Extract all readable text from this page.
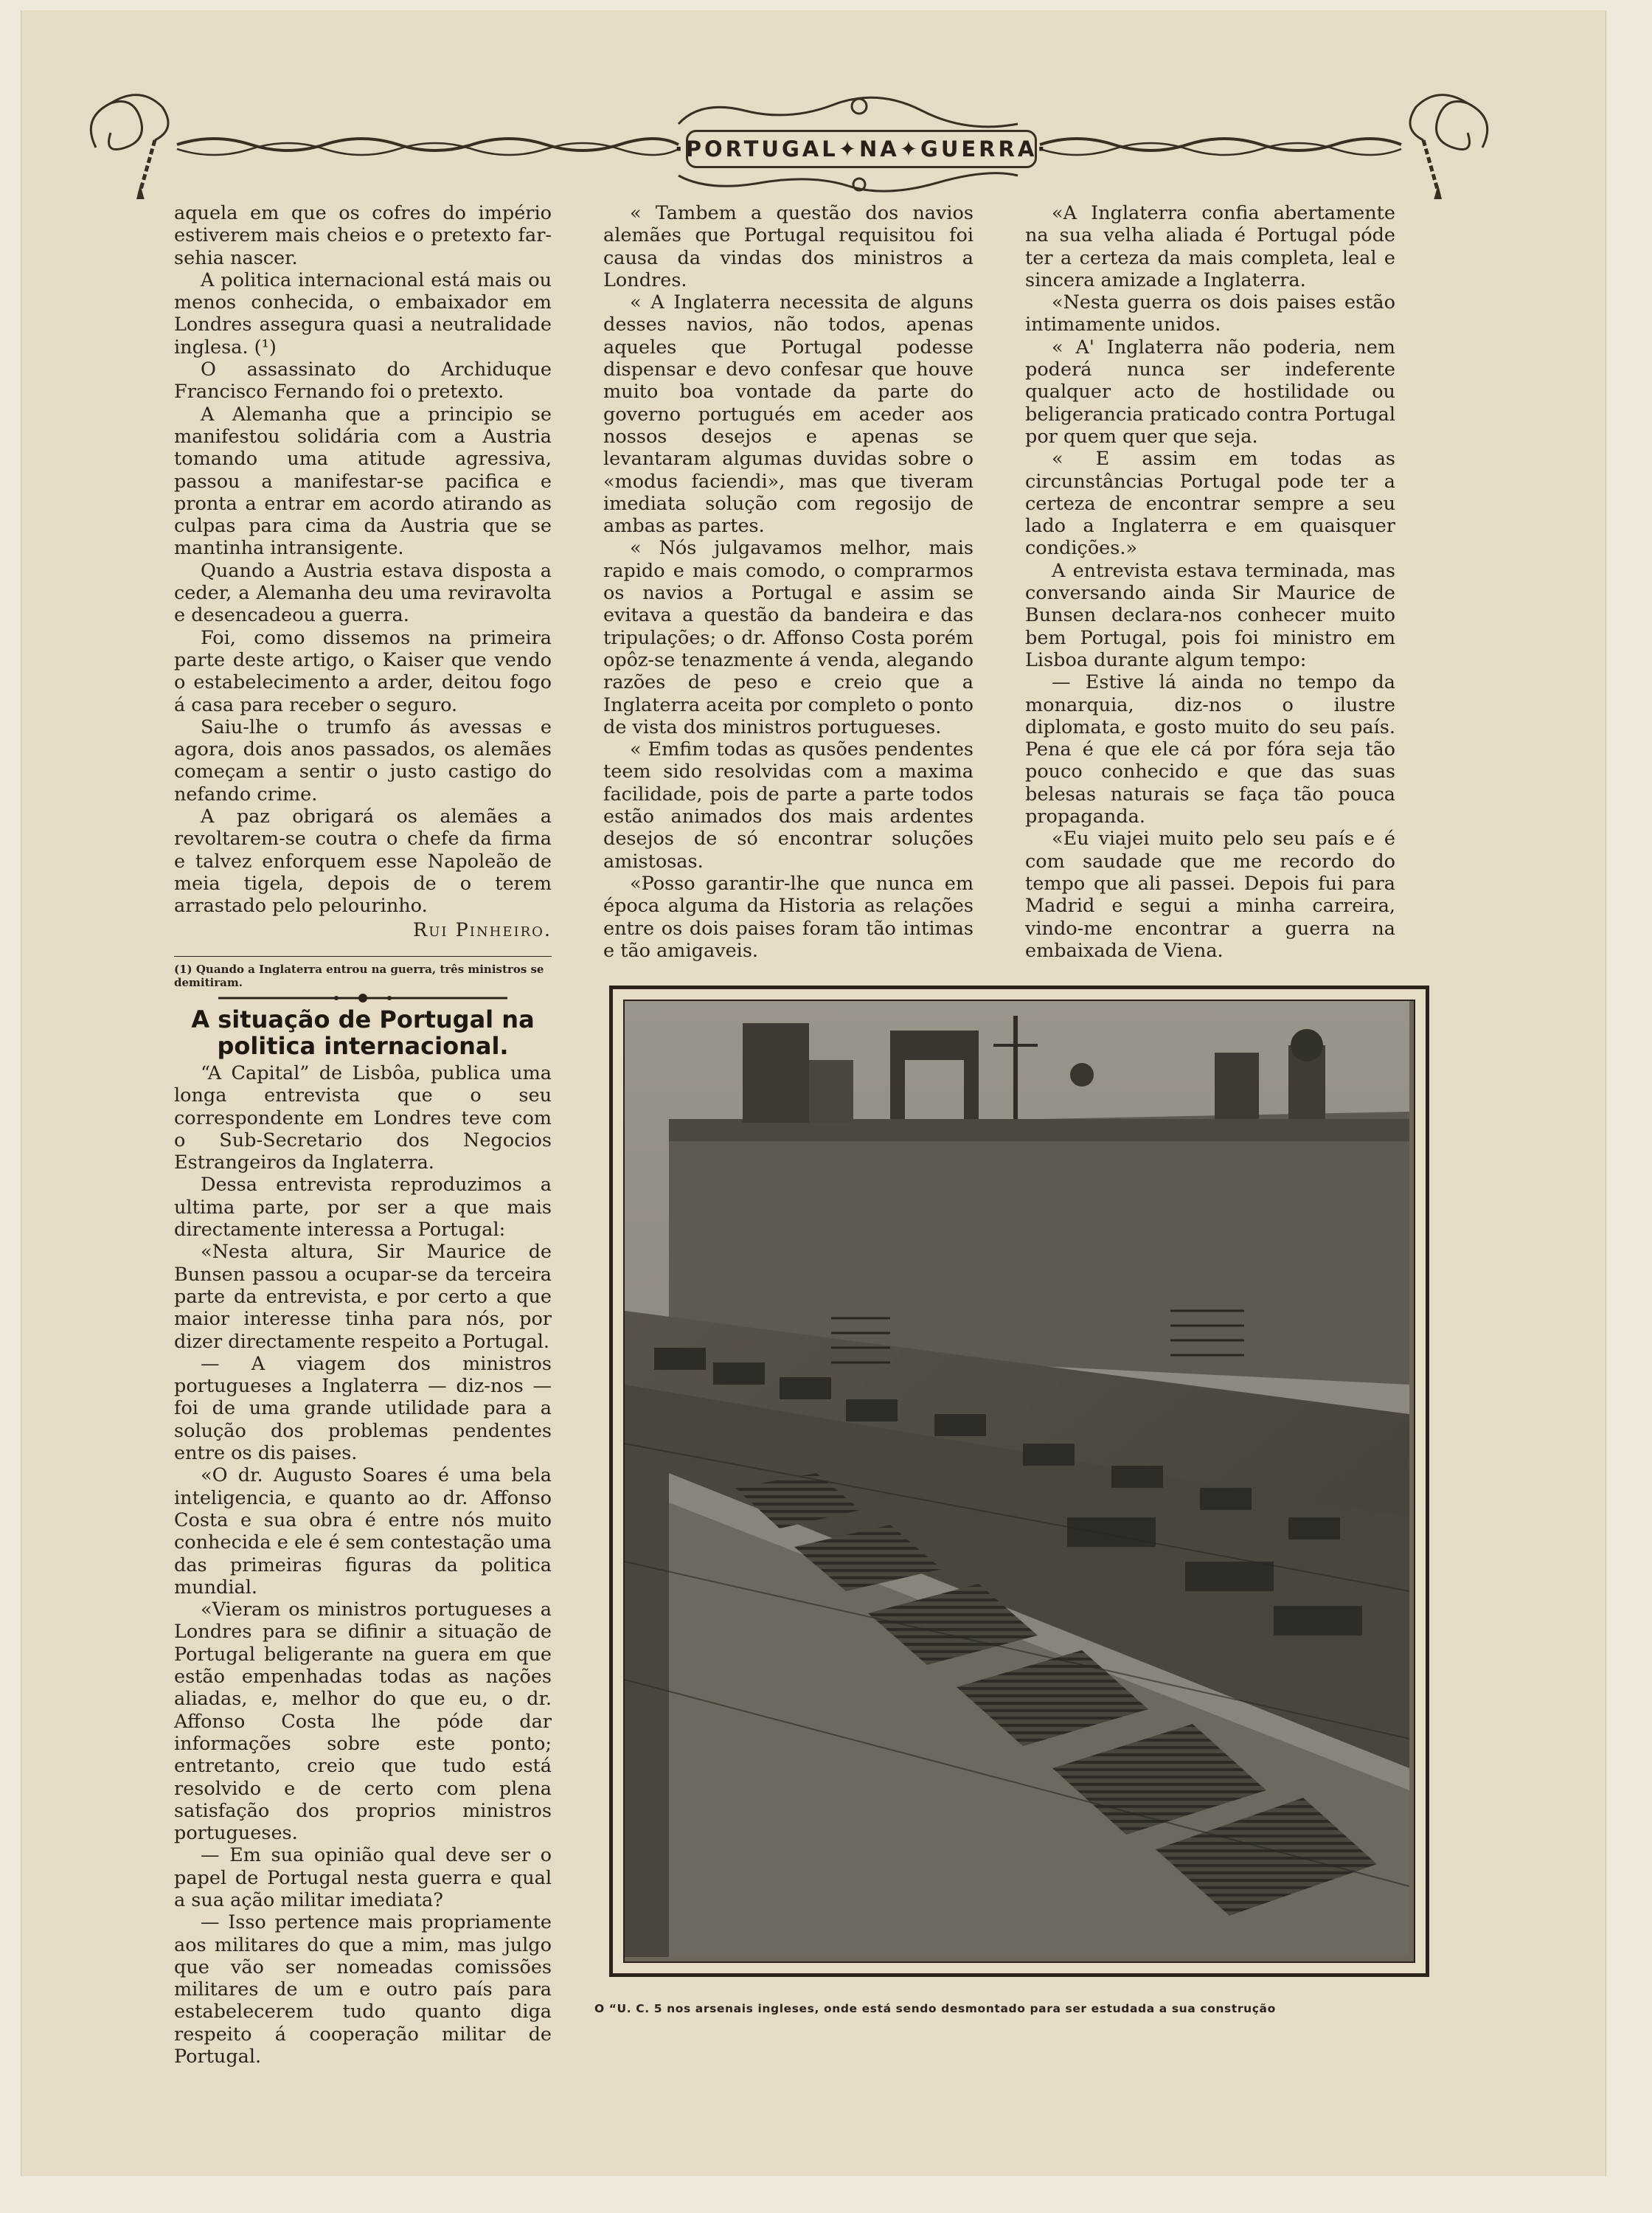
·PORTUGAL✦NA✦GUERRA·

aquela em que os cofres do império estiverem mais cheios e o pretexto far-sehia nascer.

A politica internacional está mais ou menos conhecida, o embaixador em Londres assegura quasi a neutralidade inglesa. (¹)

O assassinato do Archiduque Francisco Fernando foi o pretexto.

A Alemanha que a principio se manifestou solidária com a Austria tomando uma atitude agressiva, passou a manifestar-se pacifica e pronta a entrar em acordo atirando as culpas para cima da Austria que se mantinha intransigente.

Quando a Austria estava disposta a ceder, a Alemanha deu uma reviravolta e desencadeou a guerra.

Foi, como dissemos na primeira parte deste artigo, o Kaiser que vendo o estabelecimento a arder, deitou fogo á casa para receber o seguro.

Saiu-lhe o trumfo ás avessas e agora, dois anos passados, os alemães começam a sentir o justo castigo do nefando crime.

A paz obrigará os alemães a revoltarem-se coutra o chefe da firma e talvez enforquem esse Napoleão de meia tigela, depois de o terem arrastado pelo pelourinho.

Rui Pinheiro.

(1) Quando a Inglaterra entrou na guerra, três ministros se demitiram.
A situação de Portugal na politica internacional.

“A Capital” de Lisbôa, publica uma longa entrevista que o seu correspondente em Londres teve com o Sub-Secretario dos Negocios Estrangeiros da Inglaterra.

Dessa entrevista reproduzimos a ultima parte, por ser a que mais directamente interessa a Portugal:

«Nesta altura, Sir Maurice de Bunsen passou a ocupar-se da terceira parte da entrevista, e por certo a que maior interesse tinha para nós, por dizer directamente respeito a Portugal.

— A viagem dos ministros portugueses a Inglaterra — diz-nos — foi de uma grande utilidade para a solução dos problemas pendentes entre os dis paises.

«O dr. Augusto Soares é uma bela inteligencia, e quanto ao dr. Affonso Costa e sua obra é entre nós muito conhecida e ele é sem contestação uma das primeiras figuras da politica mundial.

«Vieram os ministros portugueses a Londres para se difinir a situação de Portugal beligerante na guera em que estão empenhadas todas as nações aliadas, e, melhor do que eu, o dr. Affonso Costa lhe póde dar informações sobre este ponto; entretanto, creio que tudo está resolvido e de certo com plena satisfação dos proprios ministros portugueses.

— Em sua opinião qual deve ser o papel de Portugal nesta guerra e qual a sua ação militar imediata?

— Isso pertence mais propriamente aos militares do que a mim, mas julgo que vão ser nomeadas comissões militares de um e outro país para estabelecerem tudo quanto diga respeito á cooperação militar de Portugal.

« Tambem a questão dos navios alemães que Portugal requisitou foi causa da vindas dos ministros a Londres.

« A Inglaterra necessita de alguns desses navios, não todos, apenas aqueles que Portugal podesse dispensar e devo confesar que houve muito boa vontade da parte do governo portugués em aceder aos nossos desejos e apenas se levantaram algumas duvidas sobre o «modus faciendi», mas que tiveram imediata solução com regosijo de ambas as partes.

« Nós julgavamos melhor, mais rapido e mais comodo, o comprarmos os navios a Portugal e assim se evitava a questão da bandeira e das tripulações; o dr. Affonso Costa porém opôz-se tenazmente á venda, alegando razões de peso e creio que a Inglaterra aceita por completo o ponto de vista dos ministros portugueses.

« Emfim todas as qusões pendentes teem sido resolvidas com a maxima facilidade, pois de parte a parte todos estão animados dos mais ardentes desejos de só encontrar soluções amistosas.

«Posso garantir-lhe que nunca em época alguma da Historia as relações entre os dois paises foram tão intimas e tão amigaveis.

«A Inglaterra confia abertamente na sua velha aliada é Portugal póde ter a certeza da mais completa, leal e sincera amizade a Inglaterra.

«Nesta guerra os dois paises estão intimamente unidos.

« A' Inglaterra não poderia, nem poderá nunca ser indeferente qualquer acto de hostilidade ou beligerancia praticado contra Portugal por quem quer que seja.

« E assim em todas as circunstâncias Portugal pode ter a certeza de encontrar sempre a seu lado a Inglaterra e em quaisquer condições.»

A entrevista estava terminada, mas conversando ainda Sir Maurice de Bunsen declara-nos conhecer muito bem Portugal, pois foi ministro em Lisboa durante algum tempo:

— Estive lá ainda no tempo da monarquia, diz-nos o ilustre diplomata, e gosto muito do seu país. Pena é que ele cá por fóra seja tão pouco conhecido e que das suas belesas naturais se faça tão pouca propaganda.

«Eu viajei muito pelo seu país e é com saudade que me recordo do tempo que ali passei. Depois fui para Madrid e segui a minha carreira, vindo-me encontrar a guerra na embaixada de Viena.

O “U. C. 5 nos arsenais ingleses, onde está sendo desmontado para ser estudada a sua construção
